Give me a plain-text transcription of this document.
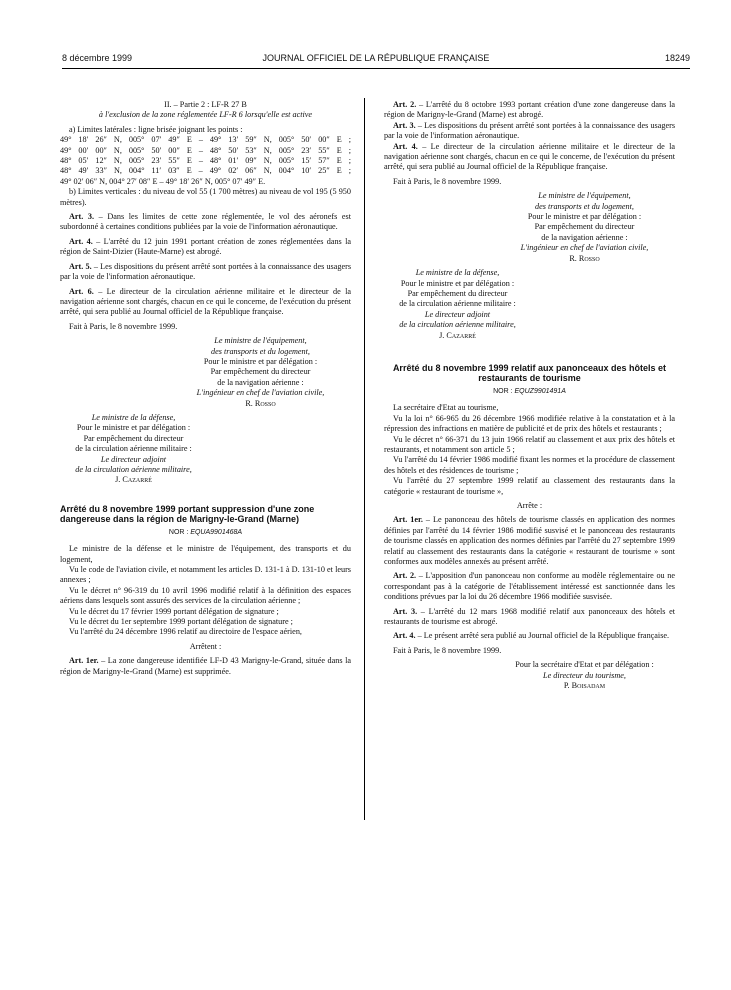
8 décembre 1999	JOURNAL OFFICIEL DE LA RÉPUBLIQUE FRANÇAISE	18249

II. – Partie 2 : LF-R 27 B

à l'exclusion de la zone réglementée LF-R 6 lorsqu'elle est active

a) Limites latérales : ligne brisée joignant les points :

49° 18′ 26″ N, 005° 07′ 49″ E – 49° 13′ 59″ N, 005° 50′ 00″ E ;

49° 00′ 00″ N, 005° 50′ 00″ E – 48° 50′ 53″ N, 005° 23′ 55″ E ;

48° 05′ 12″ N, 005° 23′ 55″ E – 48° 01′ 09″ N, 005° 15′ 57″ E ;

48° 49′ 33″ N, 004° 11′ 03″ E – 49° 02′ 06″ N, 004° 10′ 25″ E ;

49° 02′ 06″ N, 004° 27′ 08″ E – 49° 18′ 26″ N, 005° 07′ 49″ E.

b) Limites verticales : du niveau de vol 55 (1 700 mètres) au niveau de vol 195 (5 950 mètres).

Art. 3. – Dans les limites de cette zone réglementée, le vol des aéronefs est subordonné à certaines conditions publiées par la voie de l'information aéronautique.

Art. 4. – L'arrêté du 12 juin 1991 portant création de zones réglementées dans la région de Saint-Dizier (Haute-Marne) est abrogé.

Art. 5. – Les dispositions du présent arrêté sont portées à la connaissance des usagers par la voie de l'information aéronautique.

Art. 6. – Le directeur de la circulation aérienne militaire et le directeur de la navigation aérienne sont chargés, chacun en ce qui le concerne, de l'exécution du présent arrêté, qui sera publié au Journal officiel de la République française.

Fait à Paris, le 8 novembre 1999.

Le ministre de l'équipement,
des transports et du logement,
Pour le ministre et par délégation :
Par empêchement du directeur
de la navigation aérienne :
L'ingénieur en chef de l'aviation civile,
R. Rosso
Le ministre de la défense,
Pour le ministre et par délégation :
Par empêchement du directeur
de la circulation aérienne militaire :
Le directeur adjoint
de la circulation aérienne militaire,
J. Cazarré

Arrêté du 8 novembre 1999 portant suppression d'une zone dangereuse dans la région de Marigny-le-Grand (Marne)

NOR : EQUA9901468A

Le ministre de la défense et le ministre de l'équipement, des transports et du logement,

Vu le code de l'aviation civile, et notamment les articles D. 131-1 à D. 131-10 et leurs annexes ;

Vu le décret n° 96-319 du 10 avril 1996 modifié relatif à la définition des espaces aériens dans lesquels sont assurés des services de la circulation aérienne ;

Vu le décret du 17 février 1999 portant délégation de signature ;

Vu le décret du 1er septembre 1999 portant délégation de signature ;

Vu l'arrêté du 24 décembre 1996 relatif au directoire de l'espace aérien,

Arrêtent :

Art. 1er. – La zone dangereuse identifiée LF-D 43 Marigny-le-Grand, située dans la région de Marigny-le-Grand (Marne) est supprimée.

Art. 2. – L'arrêté du 8 octobre 1993 portant création d'une zone dangereuse dans la région de Marigny-le-Grand (Marne) est abrogé.

Art. 3. – Les dispositions du présent arrêté sont portées à la connaissance des usagers par la voie de l'information aéronautique.

Art. 4. – Le directeur de la circulation aérienne militaire et le directeur de la navigation aérienne sont chargés, chacun en ce qui le concerne, de l'exécution du présent arrêté, qui sera publié au Journal officiel de la République française.

Fait à Paris, le 8 novembre 1999.

Le ministre de l'équipement,
des transports et du logement,
Pour le ministre et par délégation :
Par empêchement du directeur
de la navigation aérienne :
L'ingénieur en chef de l'aviation civile,
R. Rosso
Le ministre de la défense,
Pour le ministre et par délégation :
Par empêchement du directeur
de la circulation aérienne militaire :
Le directeur adjoint
de la circulation aérienne militaire,
J. Cazarré

Arrêté du 8 novembre 1999 relatif aux panonceaux des hôtels et restaurants de tourisme

NOR : EQUZ9901491A

La secrétaire d'Etat au tourisme,

Vu la loi n° 66-965 du 26 décembre 1966 modifiée relative à la constatation et à la répression des infractions en matière de publicité et de prix des hôtels et restaurants ;

Vu le décret n° 66-371 du 13 juin 1966 relatif au classement et aux prix des hôtels et restaurants, et notamment son article 5 ;

Vu l'arrêté du 14 février 1986 modifié fixant les normes et la procédure de classement des hôtels et des résidences de tourisme ;

Vu l'arrêté du 27 septembre 1999 relatif au classement des restaurants dans la catégorie « restaurant de tourisme »,

Arrête :

Art. 1er. – Le panonceau des hôtels de tourisme classés en application des normes définies par l'arrêté du 14 février 1986 modifié susvisé et le panonceau des restaurants de tourisme classés en application des normes définies par l'arrêté du 27 septembre 1999 relatif au classement des restaurants dans la catégorie « restaurant de tourisme » sont conformes aux modèles annexés au présent arrêté.

Art. 2. – L'apposition d'un panonceau non conforme au modèle réglementaire ou ne correspondant pas à la catégorie de l'établissement intéressé est sanctionnée dans les conditions prévues par la loi du 26 décembre 1966 modifiée susvisée.

Art. 3. – L'arrêté du 12 mars 1968 modifié relatif aux panonceaux des hôtels et restaurants de tourisme est abrogé.

Art. 4. – Le présent arrêté sera publié au Journal officiel de la République française.

Fait à Paris, le 8 novembre 1999.

Pour la secrétaire d'Etat et par délégation :
Le directeur du tourisme,
P. Boisadam
